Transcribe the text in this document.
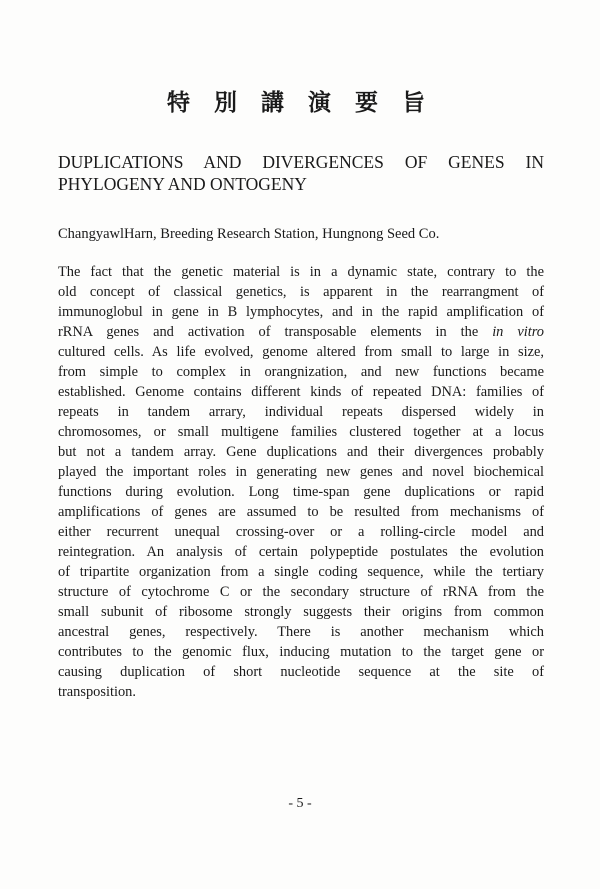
特 別 講 演 要 旨
DUPLICATIONS AND DIVERGENCES OF GENES IN
PHYLOGENY AND ONTOGENY
ChangyawlHarn, Breeding Research Station, Hungnong Seed Co.
The fact that the genetic material is in a dynamic state, contrary to the
old concept of classical genetics, is apparent in the rearrangment of
immunoglobul in gene in B lymphocytes, and in the rapid amplification of
rRNA genes and activation of transposable elements in the in vitro
cultured cells. As life evolved, genome altered from small to large in size,
from simple to complex in orangnization, and new functions became
established. Genome contains different kinds of repeated DNA: families of
repeats in tandem arrary, individual repeats dispersed widely in
chromosomes, or small multigene families clustered together at a locus
but not a tandem array. Gene duplications and their divergences probably
played the important roles in generating new genes and novel biochemical
functions during evolution. Long time-span gene duplications or rapid
amplifications of genes are assumed to be resulted from mechanisms of
either recurrent unequal crossing-over or a rolling-circle model and
reintegration. An analysis of certain polypeptide postulates the evolution
of tripartite organization from a single coding sequence, while the tertiary
structure of cytochrome C or the secondary structure of rRNA from the
small subunit of ribosome strongly suggests their origins from common
ancestral genes, respectively. There is another mechanism which
contributes to the genomic flux, inducing mutation to the target gene or
causing duplication of short nucleotide sequence at the site of
transposition.
- 5 -
